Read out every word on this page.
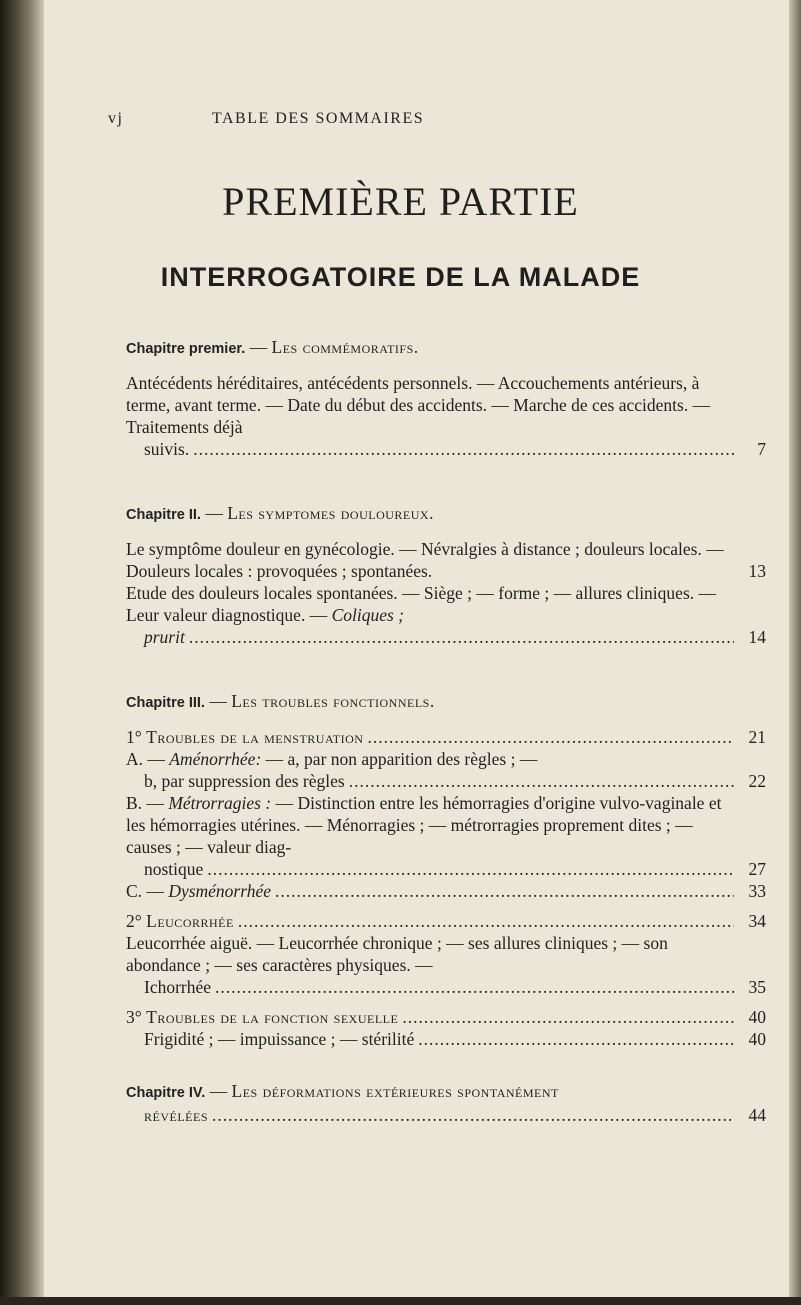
vj	TABLE DES SOMMAIRES
PREMIÈRE PARTIE
INTERROGATOIRE DE LA MALADE
Chapitre premier. — Les commémoratifs.
Antécédents héréditaires, antécédents personnels. — Accouchements antérieurs, à terme, avant terme. — Date du début des accidents. — Marche de ces accidents. — Traitements déjà
suivis. .....	7
Chapitre II. — Les symptomes douloureux.
Le symptôme douleur en gynécologie. — Névralgies à distance ; douleurs locales. — Douleurs locales : provoquées ; spontanées.	13
Etude des douleurs locales spontanées. — Siège ; — forme ; — allures cliniques. — Leur valeur diagnostique. — Coliques ;
prurit .....	14
Chapitre III. — Les troubles fonctionnels.
1° Troubles de la menstruation .....	21
A. — Aménorrhée: — a, par non apparition des règles ; —
b, par suppression des règles .....	22
B. — Métrorragies : — Distinction entre les hémorragies d'origine vulvo-vaginale et les hémorragies utérines. — Ménorragies ; — métrorragies proprement dites ; — causes ; — valeur diag-
nostique .....	27
C. — Dysménorrhée .....	33
2° Leucorrhée .....	34
Leucorrhée aiguë. — Leucorrhée chronique ; — ses allures cliniques ; — son abondance ; — ses caractères physiques. —
Ichorrhée .....	35
3° Troubles de la fonction sexuelle .....	40
Frigidité ; — impuissance ; — stérilité .....	40
Chapitre IV. — Les déformations extérieures spontanément
révélées .....	44
